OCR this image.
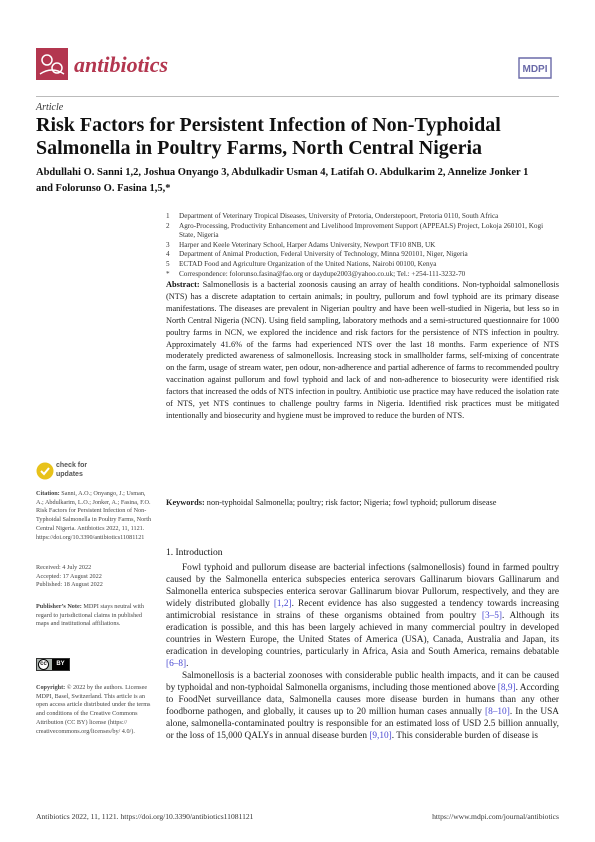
antibiotics	MDPI
Article
Risk Factors for Persistent Infection of Non-Typhoidal Salmonella in Poultry Farms, North Central Nigeria
Abdullahi O. Sanni 1,2, Joshua Onyango 3, Abdulkadir Usman 4, Latifah O. Abdulkarim 2, Annelize Jonker 1
and Folorunso O. Fasina 1,5,*
1	Department of Veterinary Tropical Diseases, University of Pretoria, Onderstepoort, Pretoria 0110, South Africa
2	Agro-Processing, Productivity Enhancement and Livelihood Improvement Support (APPEALS) Project, Lokoja 260101, Kogi State, Nigeria
3	Harper and Keele Veterinary School, Harper Adams University, Newport TF10 8NB, UK
4	Department of Animal Production, Federal University of Technology, Minna 920101, Niger, Nigeria
5	ECTAD Food and Agriculture Organization of the United Nations, Nairobi 00100, Kenya
*	Correspondence: folorunso.fasina@fao.org or daydupe2003@yahoo.co.uk; Tel.: +254-111-3232-70
Abstract: Salmonellosis is a bacterial zoonosis causing an array of health conditions. Non-typhoidal salmonellosis (NTS) has a discrete adaptation to certain animals; in poultry, pullorum and fowl typhoid are its primary disease manifestations. The diseases are prevalent in Nigerian poultry and have been well-studied in Nigeria, but less so in North Central Nigeria (NCN). Using field sampling, laboratory methods and a semi-structured questionnaire for 1000 poultry farms in NCN, we explored the incidence and risk factors for the persistence of NTS infection in poultry. Approximately 41.6% of the farms had experienced NTS over the last 18 months. Farm experience of NTS moderately predicted awareness of salmonellosis. Increasing stock in smallholder farms, self-mixing of concentrate on the farm, usage of stream water, pen odour, non-adherence and partial adherence of farms to recommended poultry vaccination against pullorum and fowl typhoid and lack of and non-adherence to biosecurity were identified risk factors that increased the odds of NTS infection in poultry. Antibiotic use practice may have reduced the isolation rate of NTS, yet NTS continues to challenge poultry farms in Nigeria. Identified risk practices must be mitigated intentionally and biosecurity and hygiene must be improved to reduce the burden of NTS.
Keywords: non-typhoidal Salmonella; poultry; risk factor; Nigeria; fowl typhoid; pullorum disease
check for
updates
Citation: Sanni, A.O.; Onyango, J.; Usman, A.; Abdulkarim, L.O.; Jonker, A.; Fasina, F.O. Risk Factors for Persistent Infection of Non-Typhoidal Salmonella in Poultry Farms, North Central Nigeria. Antibiotics 2022, 11, 1121. https://doi.org/10.3390/antibiotics11081121
Received: 4 July 2022
Accepted: 17 August 2022
Published: 18 August 2022
Publisher’s Note: MDPI stays neutral with regard to jurisdictional claims in published maps and institutional affiliations.
cc	BY
Copyright: © 2022 by the authors. Licensee MDPI, Basel, Switzerland. This article is an open access article distributed under the terms and conditions of the Creative Commons Attribution (CC BY) license (https:// creativecommons.org/licenses/by/ 4.0/).
1. Introduction

Fowl typhoid and pullorum disease are bacterial infections (salmonellosis) found in farmed poultry caused by the Salmonella enterica subspecies enterica serovars Gallinarum biovars Gallinarum and Salmonella enterica subspecies enterica serovar Gallinarum biovar Pullorum, respectively, and they are widely distributed globally [1,2]. Recent evidence has also suggested a tendency towards increasing antimicrobial resistance in strains of these organisms obtained from poultry [3–5]. Although its eradication is possible, and this has been largely achieved in many commercial poultry in developed countries in Western Europe, the United States of America (USA), Canada, Australia and Japan, its eradication in developing countries, particularly in Africa, Asia and South America, remains debatable [6–8].

Salmonellosis is a bacterial zoonoses with considerable public health impacts, and it can be caused by typhoidal and non-typhoidal Salmonella organisms, including those mentioned above [8,9]. According to FoodNet surveillance data, Salmonella causes more disease burden in humans than any other foodborne pathogen, and globally, it causes up to 20 million human cases annually [8–10]. In the USA alone, salmonella-contaminated poultry is responsible for an estimated loss of USD 2.5 billion annually, or the loss of 15,000 QALYs in annual disease burden [9,10]. This considerable burden of disease is

Antibiotics 2022, 11, 1121. https://doi.org/10.3390/antibiotics11081121	https://www.mdpi.com/journal/antibiotics
